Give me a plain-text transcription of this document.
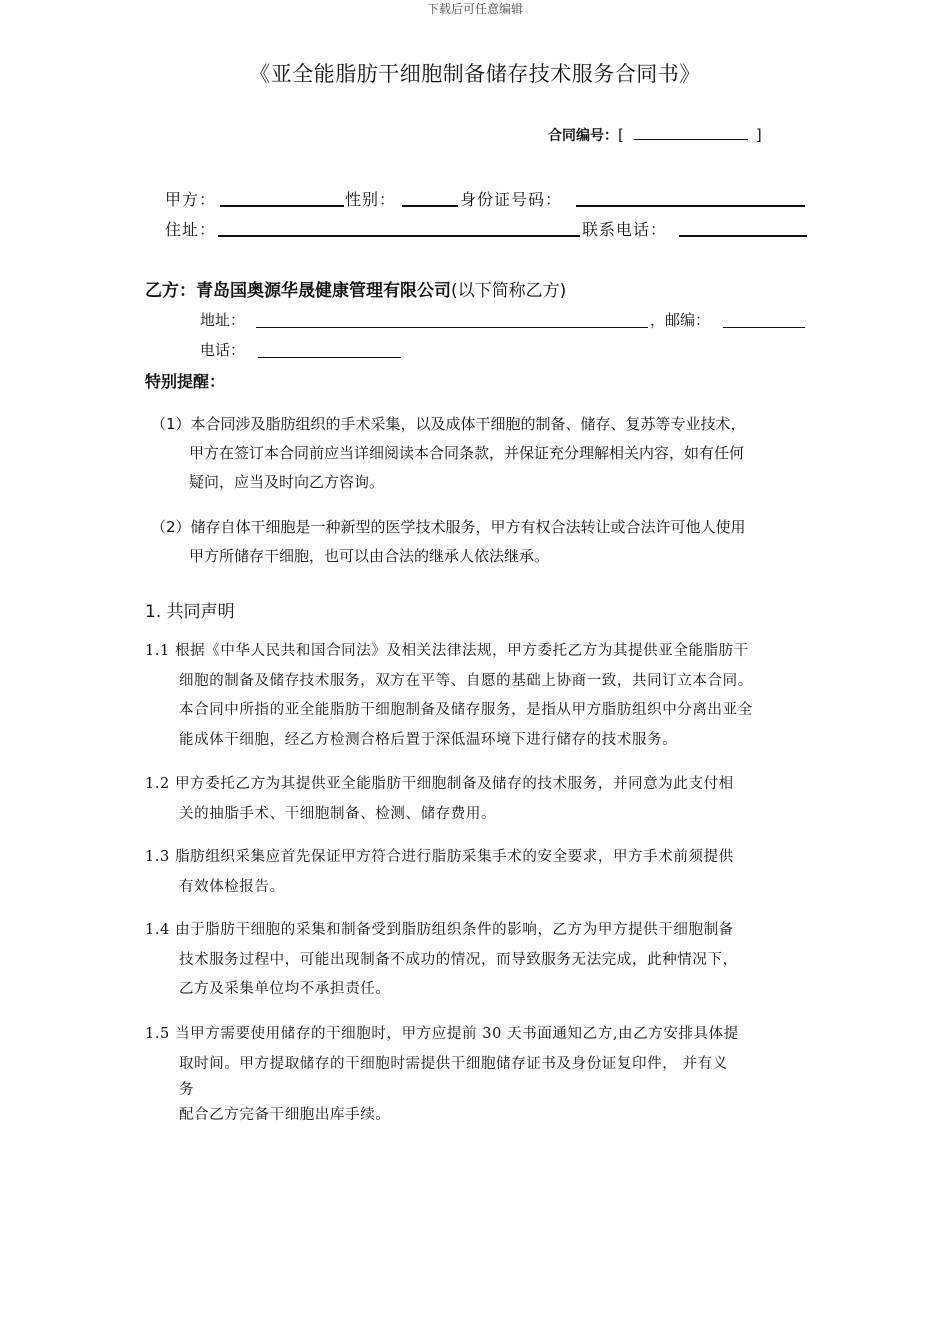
下载后可任意编辑
《亚全能脂肪干细胞制备储存技术服务合同书》
合同编号：[	]
甲方：	性别：	身份证号码：
住址：	联系电话：
乙方：青岛国奥源华晟健康管理有限公司(以下简称乙方)
地址：	，邮编：
电话：
特别提醒：
（1）本合同涉及脂肪组织的手术采集，以及成体干细胞的制备、储存、复苏等专业技术，
甲方在签订本合同前应当详细阅读本合同条款，并保证充分理解相关内容，如有任何
疑问，应当及时向乙方咨询。
（2）储存自体干细胞是一种新型的医学技术服务，甲方有权合法转让或合法许可他人使用
甲方所储存干细胞，也可以由合法的继承人依法继承。
1. 共同声明
1.1 根据《中华人民共和国合同法》及相关法律法规，甲方委托乙方为其提供亚全能脂肪干
细胞的制备及储存技术服务，双方在平等、自愿的基础上协商一致，共同订立本合同。
本合同中所指的亚全能脂肪干细胞制备及储存服务，是指从甲方脂肪组织中分离出亚全
能成体干细胞，经乙方检测合格后置于深低温环境下进行储存的技术服务。
1.2 甲方委托乙方为其提供亚全能脂肪干细胞制备及储存的技术服务，并同意为此支付相
关的抽脂手术、干细胞制备、检测、储存费用。
1.3 脂肪组织采集应首先保证甲方符合进行脂肪采集手术的安全要求，甲方手术前须提供
有效体检报告。
1.4 由于脂肪干细胞的采集和制备受到脂肪组织条件的影响，乙方为甲方提供干细胞制备
技术服务过程中，可能出现制备不成功的情况，而导致服务无法完成，此种情况下，
乙方及采集单位均不承担责任。
1.5 当甲方需要使用储存的干细胞时，甲方应提前 30 天书面通知乙方,由乙方安排具体提
取时间。甲方提取储存的干细胞时需提供干细胞储存证书及身份证复印件， 并有义
务
配合乙方完备干细胞出库手续。
